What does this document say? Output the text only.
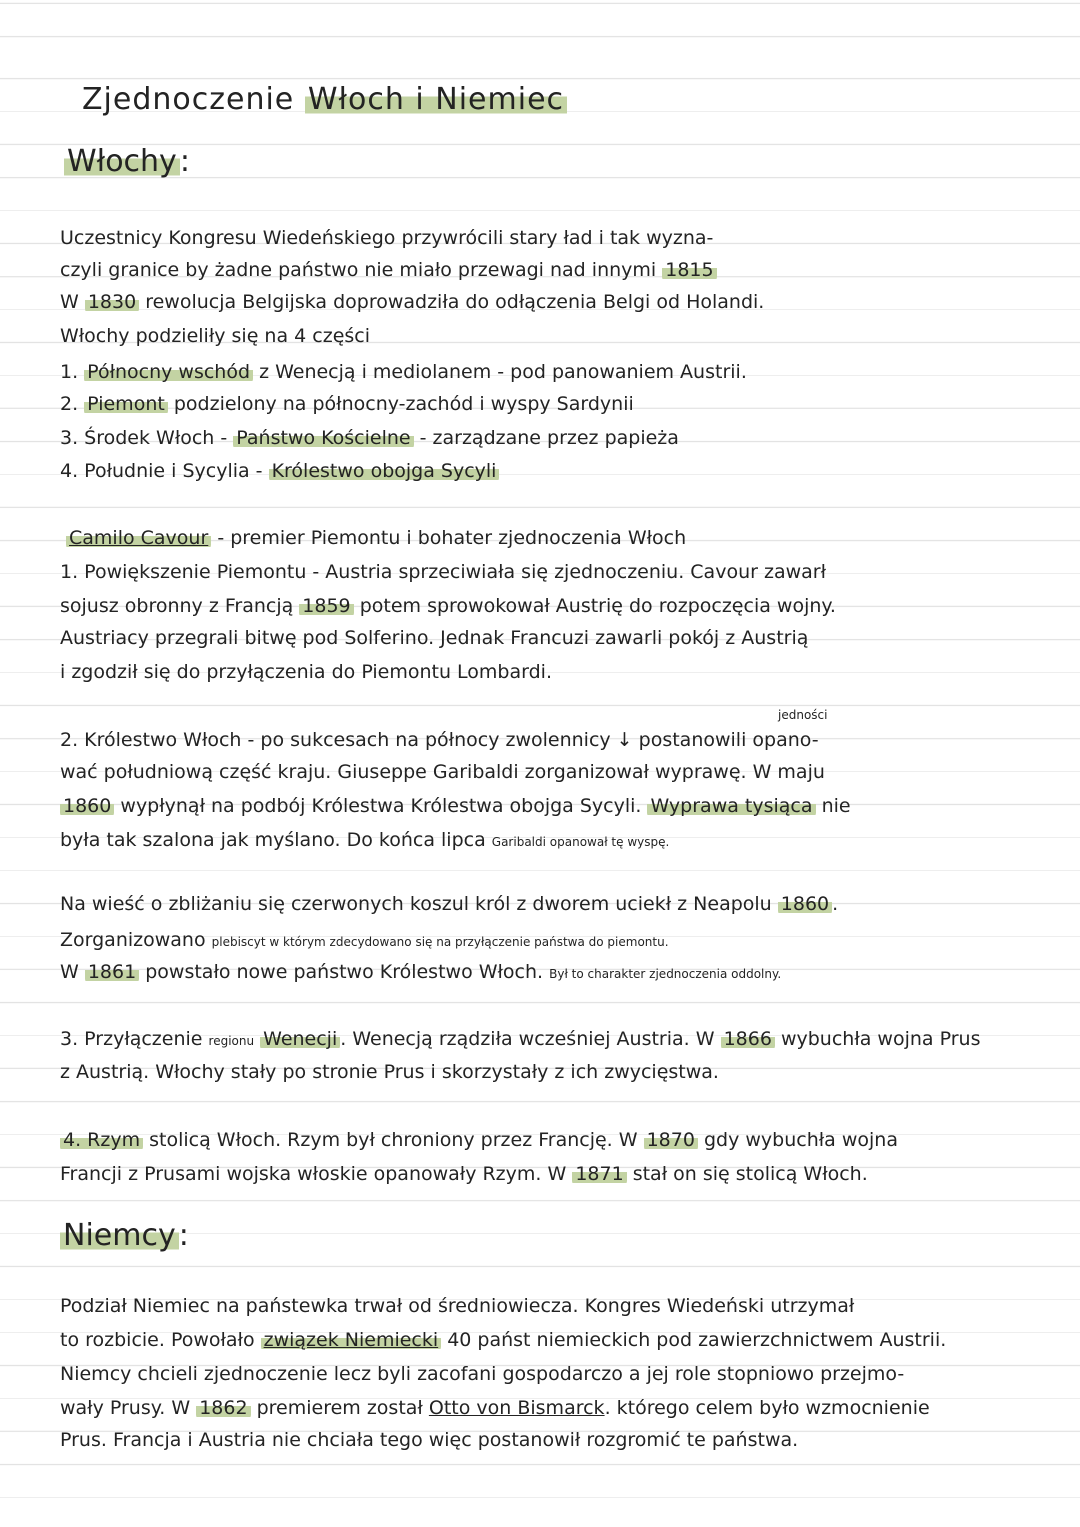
Zjednoczenie Włoch i Niemiec
Włochy :
Uczestnicy Kongresu Wiedeńskiego przywrócili stary ład i tak wyzna-
czyli granice by żadne państwo nie miało przewagi nad innymi 1815
W 1830 rewolucja Belgijska doprowadziła do odłączenia Belgi od Holandi.
Włochy podzieliły się na 4 części
1. Północny wschód z Wenecją i mediolanem - pod panowaniem Austrii.
2. Piemont podzielony na północny-zachód i wyspy Sardynii
3. Środek Włoch - Państwo Kościelne - zarządzane przez papieża
4. Południe i Sycylia - Królestwo obojga Sycyli
Camilo Cavour - premier Piemontu i bohater zjednoczenia Włoch
1. Powiększenie Piemontu - Austria sprzeciwiała się zjednoczeniu. Cavour zawarł
sojusz obronny z Francją 1859 potem sprowokował Austrię do rozpoczęcia wojny.
Austriacy przegrali bitwę pod Solferino. Jednak Francuzi zawarli pokój z Austrią
i zgodził się do przyłączenia do Piemontu Lombardi.
jedności
2. Królestwo Włoch - po sukcesach na północy zwolennicy ↓ postanowili opano-
wać południową część kraju. Giuseppe Garibaldi zorganizował wyprawę. W maju
1860 wypłynął na podbój Królestwa Królestwa obojga Sycyli. Wyprawa tysiąca nie
była tak szalona jak myślano. Do końca lipca Garibaldi opanował tę wyspę.
Na wieść o zbliżaniu się czerwonych koszul król z dworem uciekł z Neapolu 1860 .
Zorganizowano plebiscyt w którym zdecydowano się na przyłączenie państwa do piemontu.
W 1861 powstało nowe państwo Królestwo Włoch. Był to charakter zjednoczenia oddolny.
3. Przyłączenie regionu Wenecji . Wenecją rządziła wcześniej Austria. W 1866 wybuchła wojna Prus
z Austrią. Włochy stały po stronie Prus i skorzystały z ich zwycięstwa.
4. Rzym stolicą Włoch. Rzym był chroniony przez Francję. W 1870 gdy wybuchła wojna
Francji z Prusami wojska włoskie opanowały Rzym. W 1871 stał on się stolicą Włoch.
Niemcy :
Podział Niemiec na państewka trwał od średniowiecza. Kongres Wiedeński utrzymał
to rozbicie. Powołało związek Niemiecki 40 państ niemieckich pod zawierzchnictwem Austrii.
Niemcy chcieli zjednoczenie lecz byli zacofani gospodarczo a jej role stopniowo przejmo-
wały Prusy. W 1862 premierem został Otto von Bismarck. którego celem było wzmocnienie
Prus. Francja i Austria nie chciała tego więc postanowił rozgromić te państwa.
